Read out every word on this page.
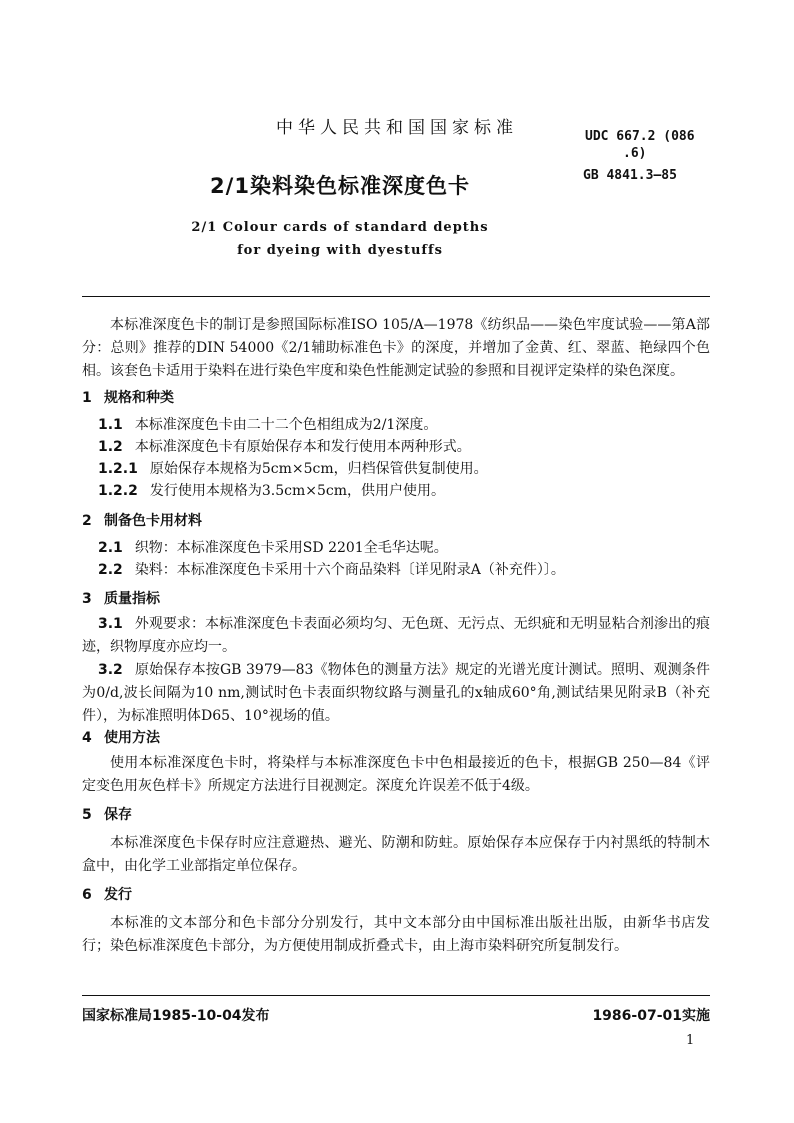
中华人民共和国国家标准	UDC 667.2 (086
.6)
GB 4841.3—85
2/1染料染色标准深度色卡
2/1 Colour cards of standard depths
for dyeing with dyestuffs
本标准深度色卡的制订是参照国际标准ISO 105/A—1978《纺织品——染色牢度试验——第A部分：总则》推荐的DIN 54000《2/1辅助标准色卡》的深度，并增加了金黄、红、翠蓝、艳绿四个色相。该套色卡适用于染料在进行染色牢度和染色性能测定试验的参照和目视评定染样的染色深度。
1 规格和种类
1.1 本标准深度色卡由二十二个色相组成为2/1深度。
1.2 本标准深度色卡有原始保存本和发行使用本两种形式。
1.2.1 原始保存本规格为5cm×5cm，归档保管供复制使用。
1.2.2 发行使用本规格为3.5cm×5cm，供用户使用。
2 制备色卡用材料
2.1 织物：本标准深度色卡采用SD 2201全毛华达呢。
2.2 染料：本标准深度色卡采用十六个商品染料〔详见附录A（补充件）〕。
3 质量指标
3.1 外观要求：本标准深度色卡表面必须均匀、无色斑、无污点、无织疵和无明显粘合剂渗出的痕迹，织物厚度亦应均一。
3.2 原始保存本按GB 3979—83《物体色的测量方法》规定的光谱光度计测试。照明、观测条件为0/d,波长间隔为10 nm,测试时色卡表面织物纹路与测量孔的x轴成60°角,测试结果见附录B（补充件），为标准照明体D65、10°视场的值。
4 使用方法
使用本标准深度色卡时，将染样与本标准深度色卡中色相最接近的色卡，根据GB 250—84《评定变色用灰色样卡》所规定方法进行目视测定。深度允许误差不低于4级。
5 保存
本标准深度色卡保存时应注意避热、避光、防潮和防蛀。原始保存本应保存于内衬黑纸的特制木盒中，由化学工业部指定单位保存。
6 发行
本标准的文本部分和色卡部分分别发行，其中文本部分由中国标准出版社出版，由新华书店发行；染色标准深度色卡部分，为方便使用制成折叠式卡，由上海市染料研究所复制发行。
国家标准局1985-10-04发布	1986-07-01实施
1
